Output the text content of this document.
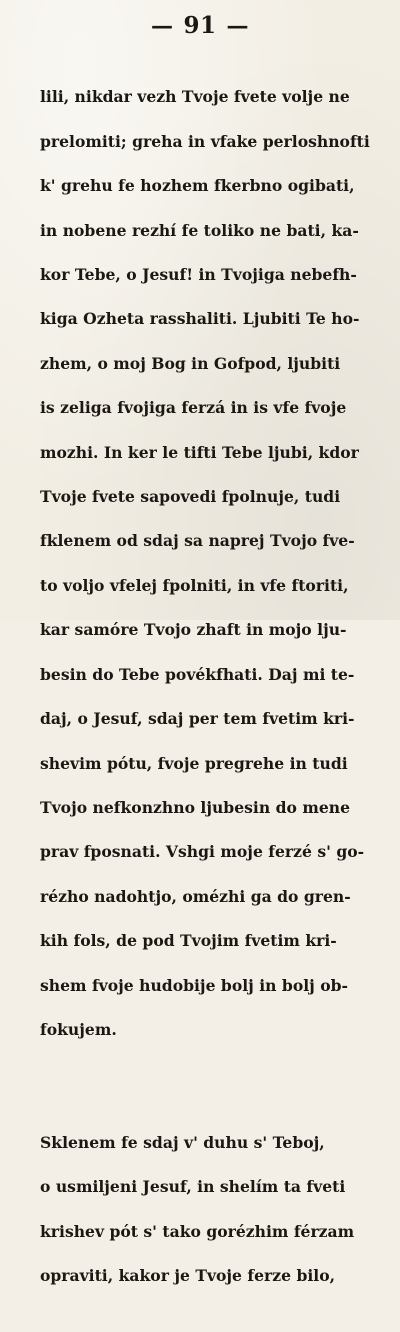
— 91 —

lili, nikdar vezh Tvoje fvete volje ne

prelomiti; greha in vfake perloshnofti

k' grehu fe hozhem fkerbno ogibati,

in nobene rezhí fe toliko ne bati, ka-

kor Tebe, o Jesuf! in Tvojiga nebefh-

kiga Ozheta rasshaliti. Ljubiti Te ho-

zhem, o moj Bog in Gofpod, ljubiti

is zeliga fvojiga ferzá in is vfe fvoje

mozhi. In ker le tifti Tebe ljubi, kdor

Tvoje fvete sapovedi fpolnuje, tudi

fklenem od sdaj sa naprej Tvojo fve-

to voljo vfelej fpolniti, in vfe ftoriti,

kar samóre Tvojo zhaft in mojo lju-

besin do Tebe povékfhati. Daj mi te-

daj, o Jesuf, sdaj per tem fvetim kri-

shevim pótu, fvoje pregrehe in tudi

Tvojo nefkonzhno ljubesin do mene

prav fposnati. Vshgi moje ferzé s' go-

rézho nadohtjo, omézhi ga do gren-

kih fols, de pod Tvojim fvetim kri-

shem fvoje hudobije bolj in bolj ob-

fokujem.

Sklenem fe sdaj v' duhu s' Teboj,

o usmiljeni Jesuf, in shelím ta fveti

krishev pót s' tako gorézhim férzam

opraviti, kakor je Tvoje ferze bilo,
